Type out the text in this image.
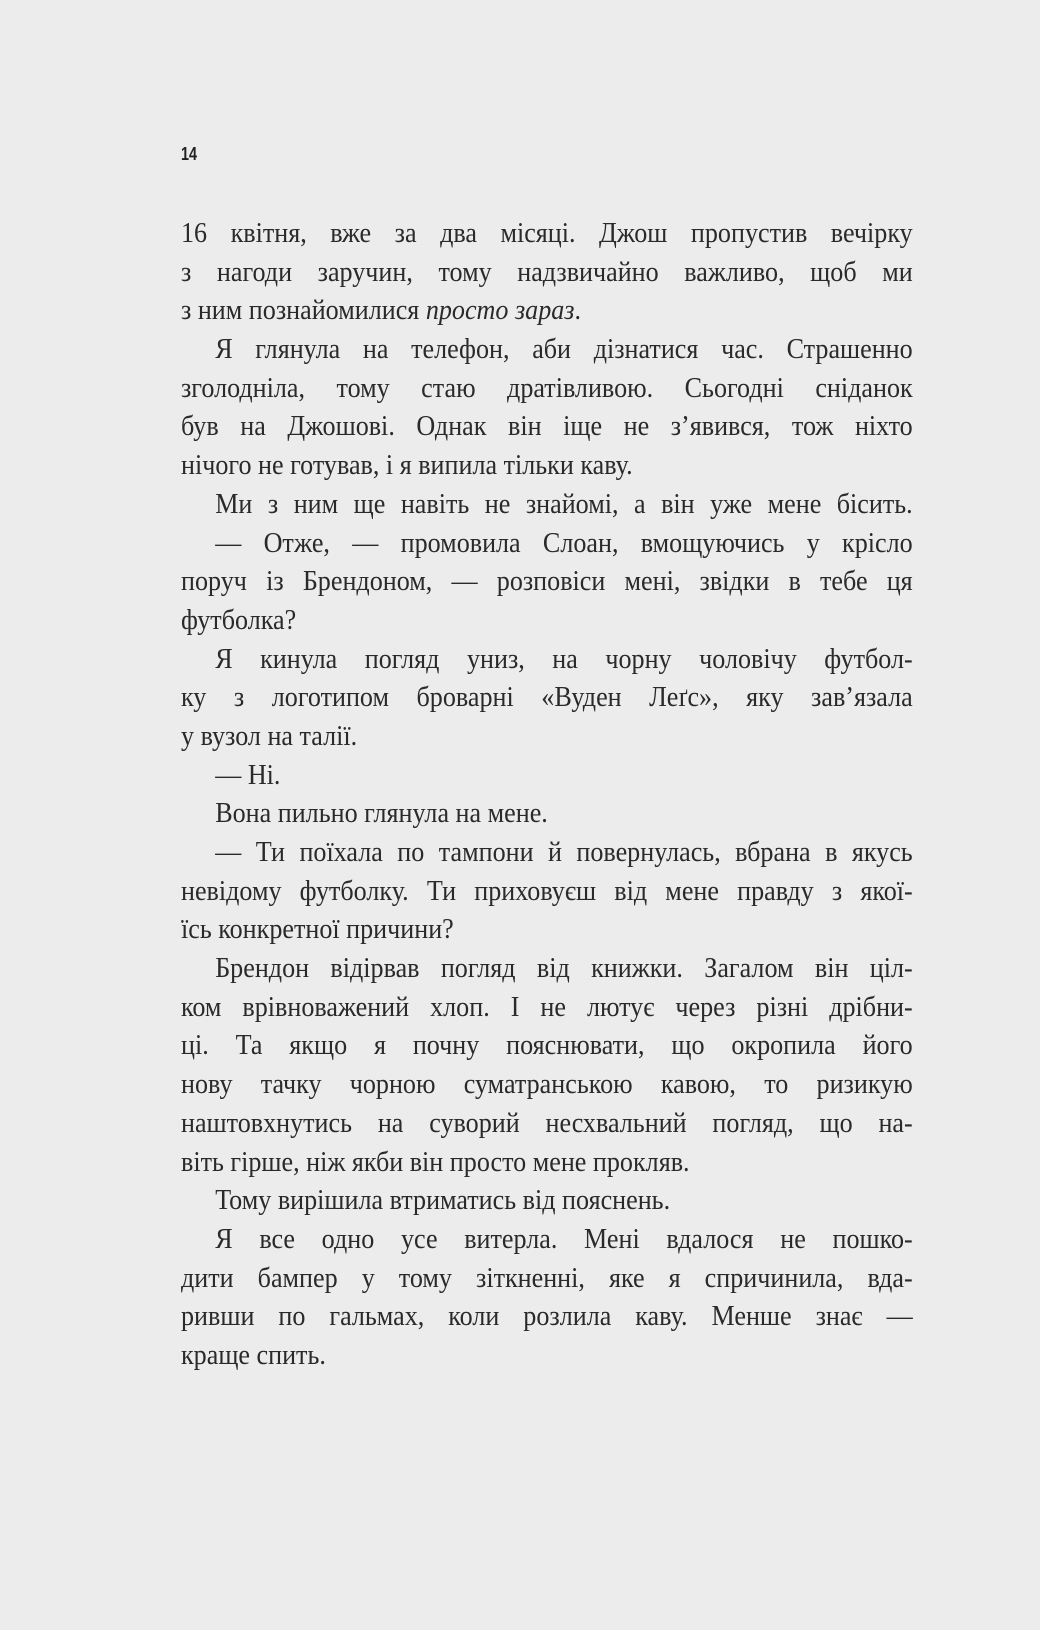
14
16 квітня, вже за два місяці. Джош пропустив вечірку
з нагоди заручин, тому надзвичайно важливо, щоб ми
з ним познайомилися просто зараз.
Я глянула на телефон, аби дізнатися час. Страшенно
зголодніла, тому стаю дратівливою. Сьогодні сніданок
був на Джошові. Однак він іще не з’явився, тож ніхто
нічого не готував, і я випила тільки каву.
Ми з ним ще навіть не знайомі, а він уже мене бісить.
— Отже, — промовила Слоан, вмощуючись у крісло
поруч із Брендоном, — розповіси мені, звідки в тебе ця
футболка?
Я кинула погляд униз, на чорну чоловічу футбол-
ку з логотипом броварні «Вуден Леґс», яку зав’язала
у вузол на талії.
— Ні.
Вона пильно глянула на мене.
— Ти поїхала по тампони й повернулась, вбрана в якусь
невідому футболку. Ти приховуєш від мене правду з якої-
їсь конкретної причини?
Брендон відірвав погляд від книжки. Загалом він ціл-
ком врівноважений хлоп. І не лютує через різні дрібни-
ці. Та якщо я почну пояснювати, що окропила його
нову тачку чорною суматранською кавою, то ризикую
наштовхнутись на суворий несхвальний погляд, що на-
віть гірше, ніж якби він просто мене прокляв.
Тому вирішила втриматись від пояснень.
Я все одно усе витерла. Мені вдалося не пошко-
дити бампер у тому зіткненні, яке я спричинила, вда-
ривши по гальмах, коли розлила каву. Менше знає —
краще спить.
